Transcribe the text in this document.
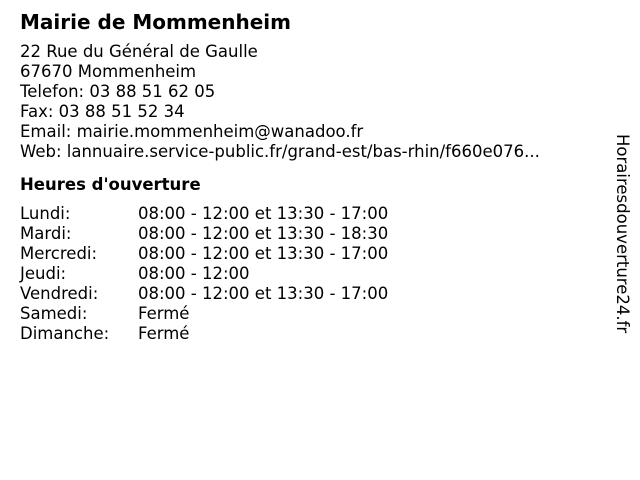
Mairie de Mommenheim
22 Rue du Général de Gaulle
67670 Mommenheim
Telefon: 03 88 51 62 05
Fax: 03 88 51 52 34
Email: mairie.mommenheim@wanadoo.fr
Web: lannuaire.service-public.fr/grand-est/bas-rhin/f660e076...
Heures d'ouverture
Lundi:	08:00 - 12:00 et 13:30 - 17:00
Mardi:	08:00 - 12:00 et 13:30 - 18:30
Mercredi:	08:00 - 12:00 et 13:30 - 17:00
Jeudi:	08:00 - 12:00
Vendredi:	08:00 - 12:00 et 13:30 - 17:00
Samedi:	Fermé
Dimanche:	Fermé
Horairesdouverture24.fr
